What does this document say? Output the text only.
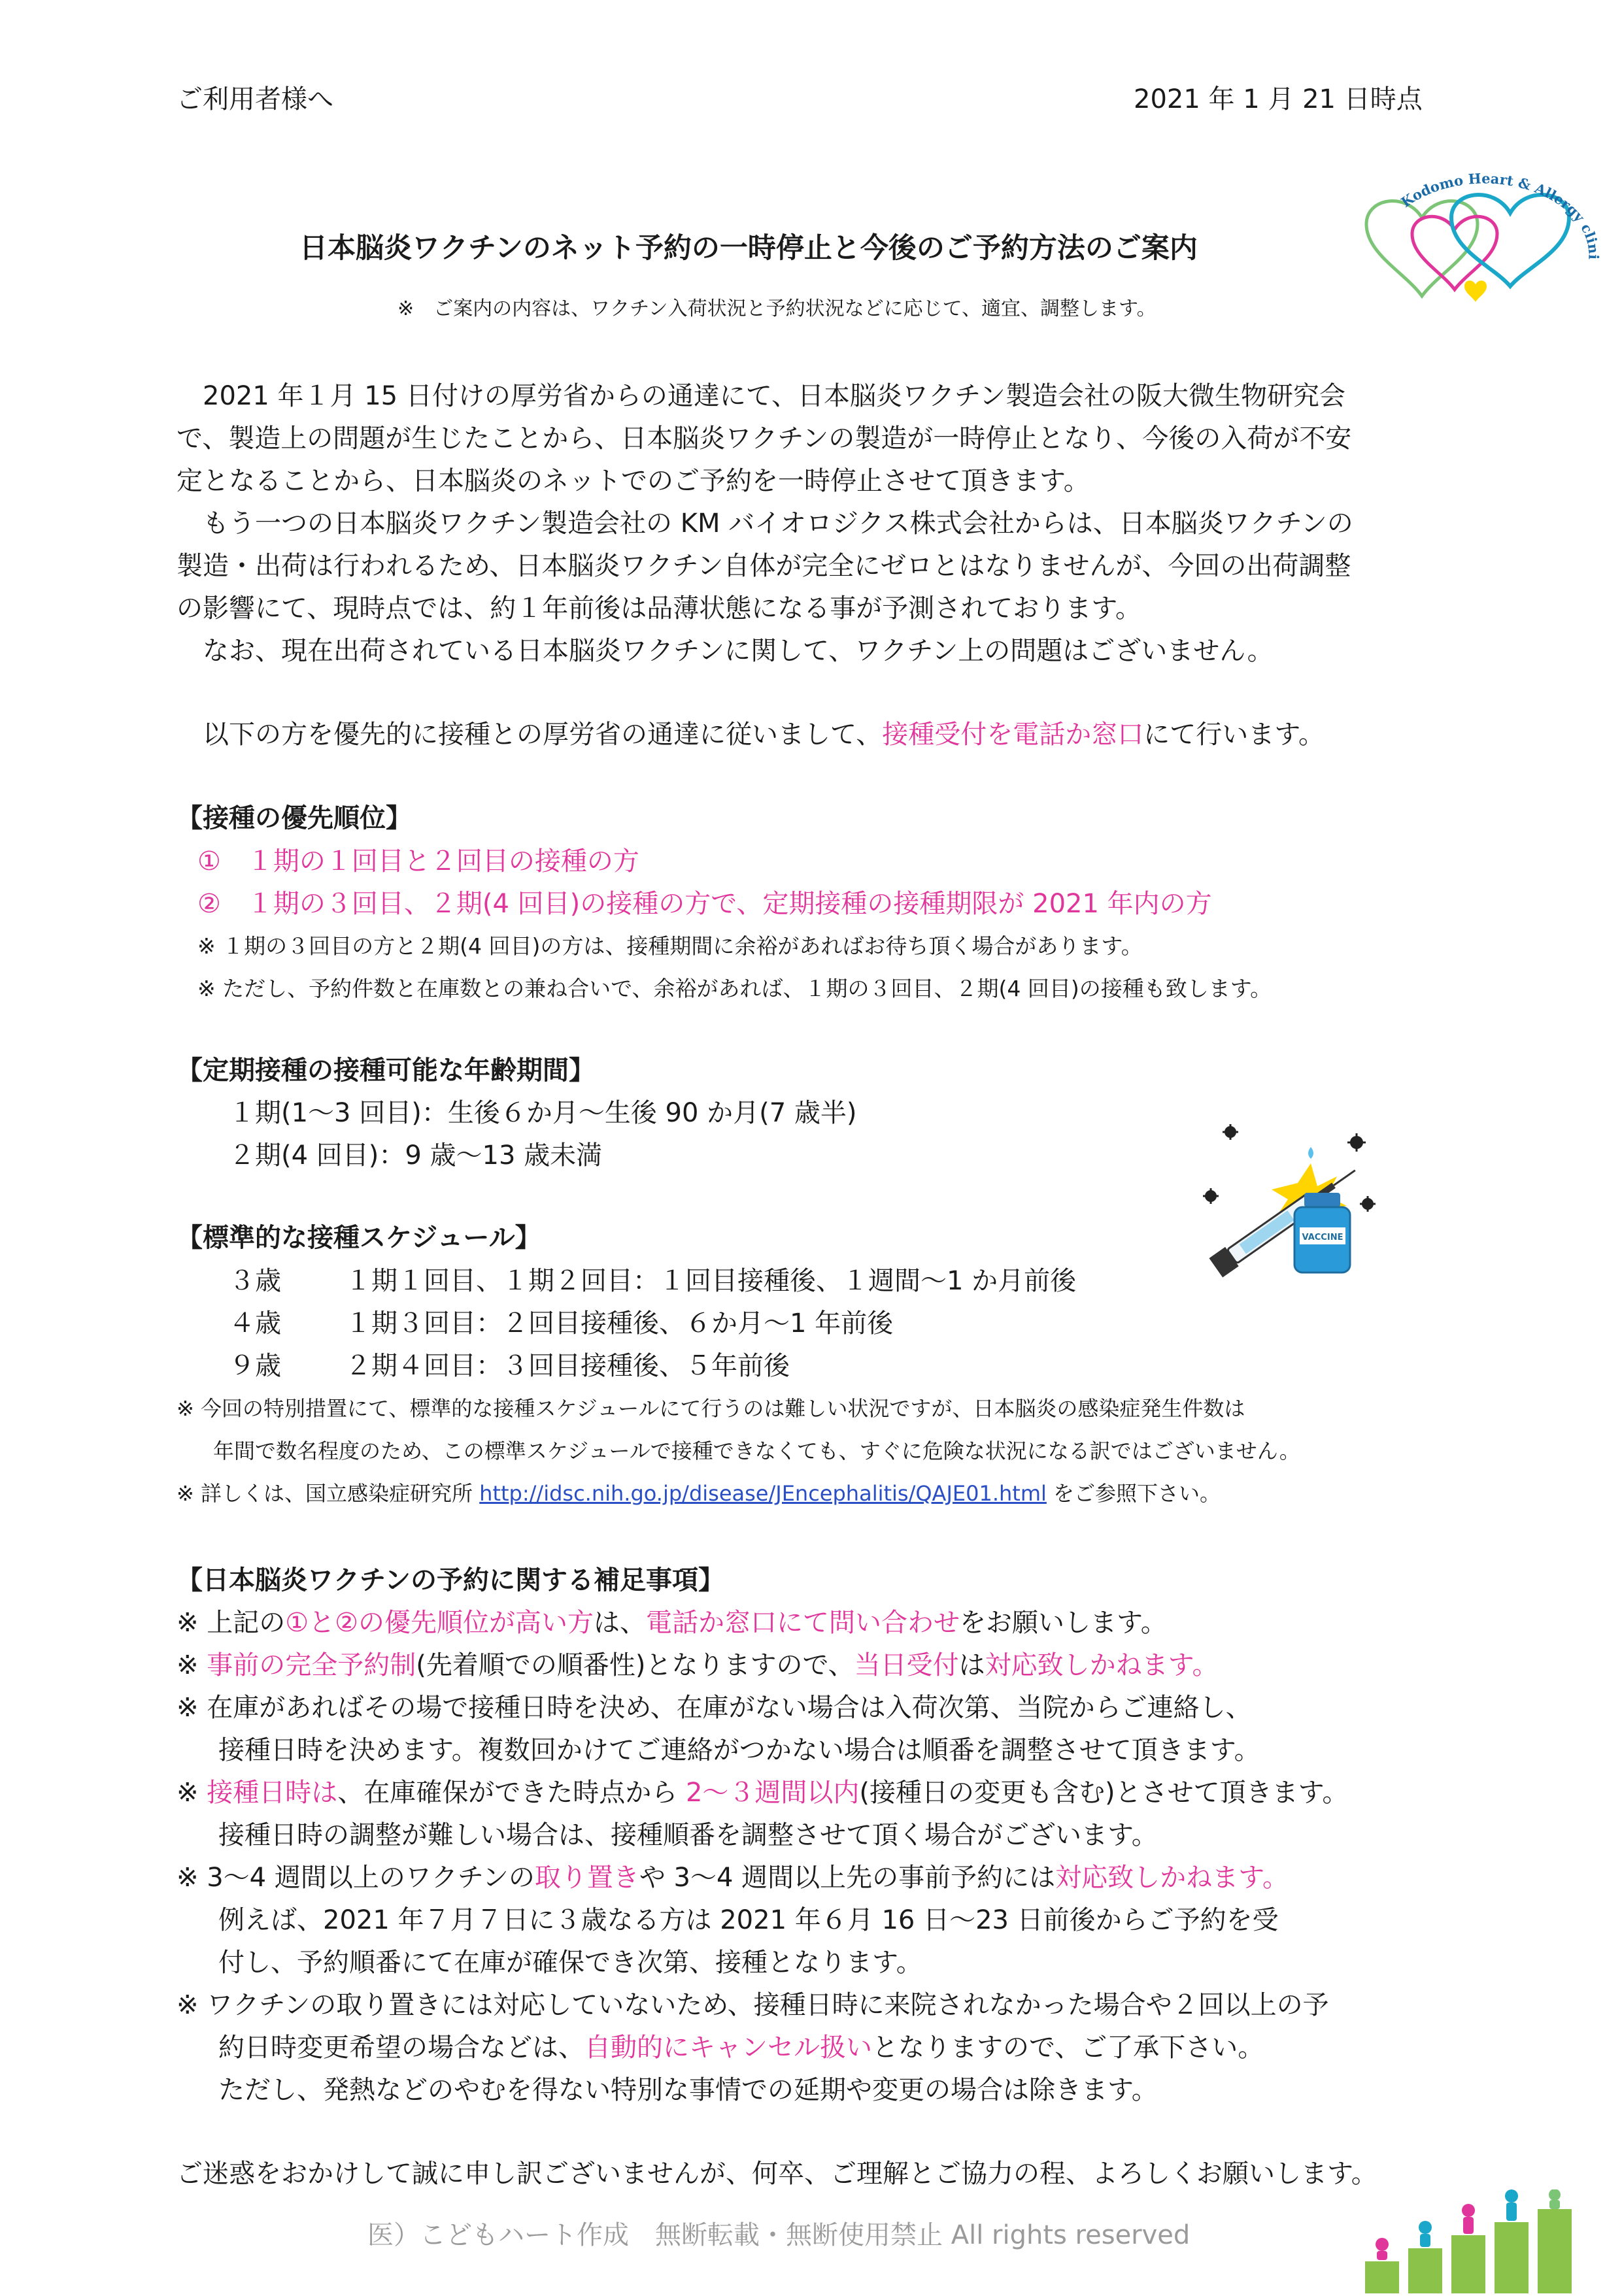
ご利用者様へ	2021 年 1 月 21 日時点
Kodomo Heart & Allergy clini
日本脳炎ワクチンのネット予約の一時停止と今後のご予約方法のご案内
※　ご案内の内容は、ワクチン入荷状況と予約状況などに応じて、適宜、調整します。
　2021 年１月 15 日付けの厚労省からの通達にて、日本脳炎ワクチン製造会社の阪大微生物研究会
で、製造上の問題が生じたことから、日本脳炎ワクチンの製造が一時停止となり、今後の入荷が不安
定となることから、日本脳炎のネットでのご予約を一時停止させて頂きます。
　もう一つの日本脳炎ワクチン製造会社の KM バイオロジクス株式会社からは、日本脳炎ワクチンの
製造・出荷は行われるため、日本脳炎ワクチン自体が完全にゼロとはなりませんが、今回の出荷調整
の影響にて、現時点では、約１年前後は品薄状態になる事が予測されております。
　なお、現在出荷されている日本脳炎ワクチンに関して、ワクチン上の問題はございません。
　以下の方を優先的に接種との厚労省の通達に従いまして、接種受付を電話か窓口にて行います。
【接種の優先順位】
①　１期の１回目と２回目の接種の方
②　１期の３回目、２期(4 回目)の接種の方で、定期接種の接種期限が 2021 年内の方
※ １期の３回目の方と２期(4 回目)の方は、接種期間に余裕があればお待ち頂く場合があります。
※ ただし、予約件数と在庫数との兼ね合いで、余裕があれば、１期の３回目、２期(4 回目)の接種も致します。
【定期接種の接種可能な年齢期間】
１期(1～3 回目)：生後６か月～生後 90 か月(7 歳半)
２期(4 回目)：9 歳～13 歳未満
VACCINE
【標準的な接種スケジュール】
３歳 １期１回目、１期２回目：１回目接種後、１週間～1 か月前後
４歳 １期３回目：２回目接種後、６か月～1 年前後
９歳 ２期４回目：３回目接種後、５年前後
※ 今回の特別措置にて、標準的な接種スケジュールにて行うのは難しい状況ですが、日本脳炎の感染症発生件数は
年間で数名程度のため、この標準スケジュールで接種できなくても、すぐに危険な状況になる訳ではございません。
※ 詳しくは、国立感染症研究所 http://idsc.nih.go.jp/disease/JEncephalitis/QAJE01.html をご参照下さい。
【日本脳炎ワクチンの予約に関する補足事項】
※ 上記の①と②の優先順位が高い方は、電話か窓口にて問い合わせをお願いします。
※ 事前の完全予約制(先着順での順番性)となりますので、当日受付は対応致しかねます。
※ 在庫があればその場で接種日時を決め、在庫がない場合は入荷次第、当院からご連絡し、
接種日時を決めます。複数回かけてご連絡がつかない場合は順番を調整させて頂きます。
※ 接種日時は、在庫確保ができた時点から 2～３週間以内(接種日の変更も含む)とさせて頂きます。
接種日時の調整が難しい場合は、接種順番を調整させて頂く場合がございます。
※ 3～4 週間以上のワクチンの取り置きや 3～4 週間以上先の事前予約には対応致しかねます。
例えば、2021 年７月７日に３歳なる方は 2021 年６月 16 日～23 日前後からご予約を受
付し、予約順番にて在庫が確保でき次第、接種となります。
※ ワクチンの取り置きには対応していないため、接種日時に来院されなかった場合や２回以上の予
約日時変更希望の場合などは、自動的にキャンセル扱いとなりますので、ご了承下さい。
ただし、発熱などのやむを得ない特別な事情での延期や変更の場合は除きます。
ご迷惑をおかけして誠に申し訳ございませんが、何卒、ご理解とご協力の程、よろしくお願いします。
医）こどもハート作成　無断転載・無断使用禁止 All rights reserved
